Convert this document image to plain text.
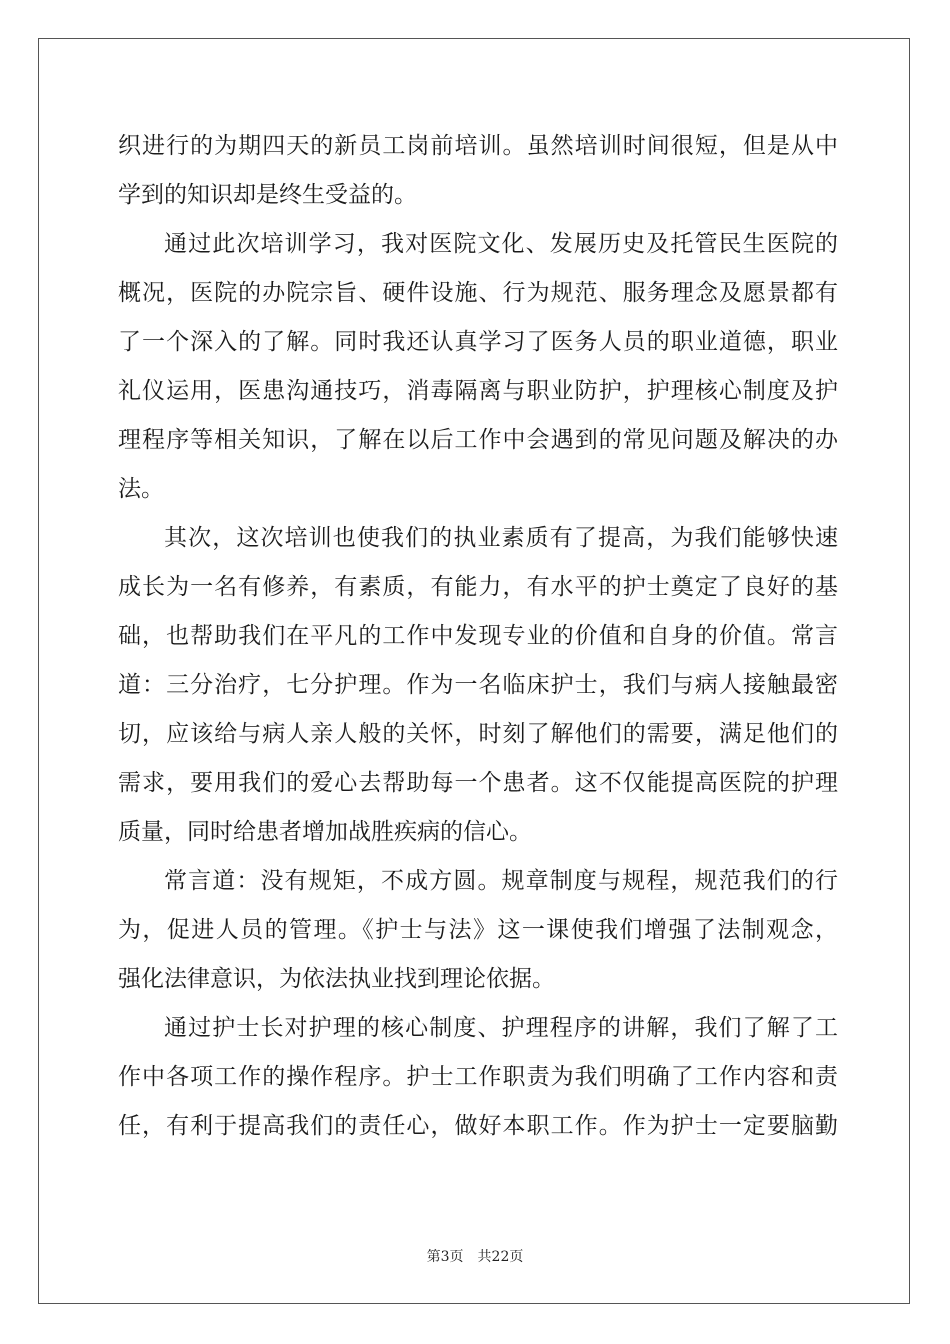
织进行的为期四天的新员工岗前培训。虽然培训时间很短，但是从中
学到的知识却是终生受益的。
通过此次培训学习，我对医院文化、发展历史及托管民生医院的
概况，医院的办院宗旨、硬件设施、行为规范、服务理念及愿景都有
了一个深入的了解。同时我还认真学习了医务人员的职业道德，职业
礼仪运用，医患沟通技巧，消毒隔离与职业防护，护理核心制度及护
理程序等相关知识，了解在以后工作中会遇到的常见问题及解决的办
法。
其次，这次培训也使我们的执业素质有了提高，为我们能够快速
成长为一名有修养，有素质，有能力，有水平的护士奠定了良好的基
础，也帮助我们在平凡的工作中发现专业的价值和自身的价值。常言
道：三分治疗，七分护理。作为一名临床护士，我们与病人接触最密
切，应该给与病人亲人般的关怀，时刻了解他们的需要，满足他们的
需求，要用我们的爱心去帮助每一个患者。这不仅能提高医院的护理
质量，同时给患者增加战胜疾病的信心。
常言道：没有规矩，不成方圆。规章制度与规程，规范我们的行
为，促进人员的管理。《护士与法》这一课使我们增强了法制观念，
强化法律意识，为依法执业找到理论依据。
通过护士长对护理的核心制度、护理程序的讲解，我们了解了工
作中各项工作的操作程序。护士工作职责为我们明确了工作内容和责
任，有利于提高我们的责任心，做好本职工作。作为护士一定要脑勤
第3页 共22页
